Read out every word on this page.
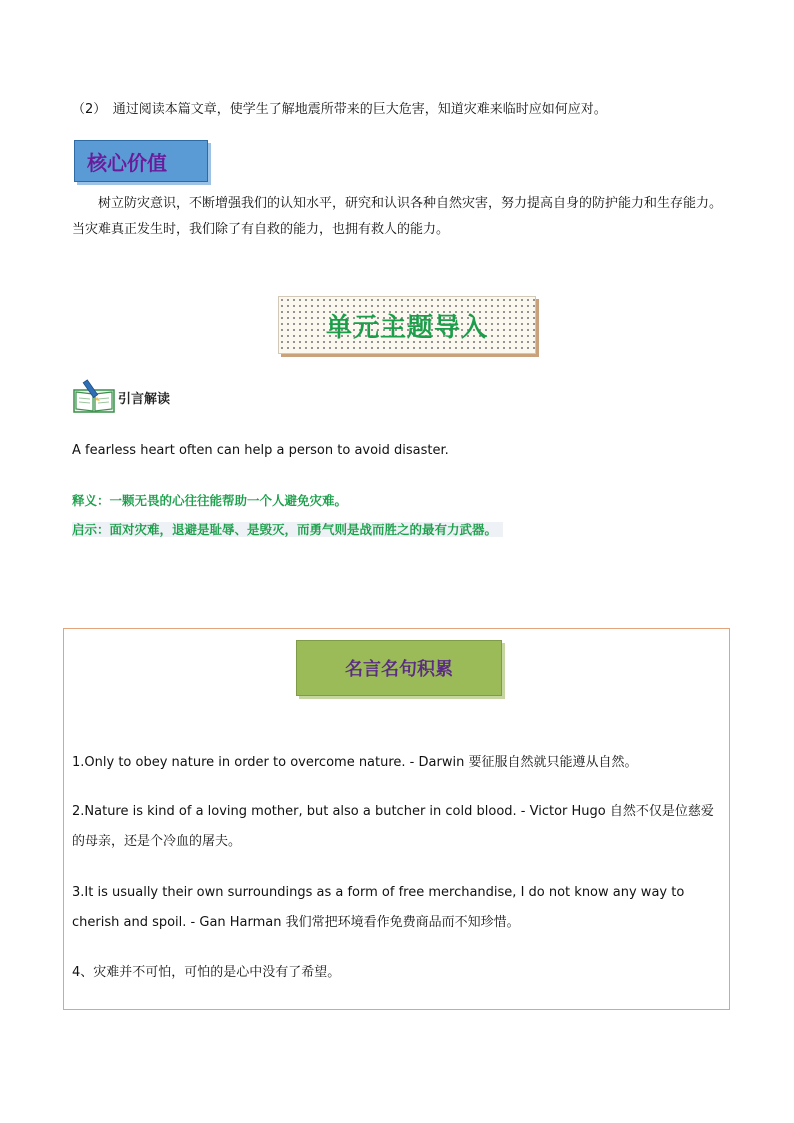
（2）　通过阅读本篇文章，使学生了解地震所带来的巨大危害，知道灾难来临时应如何应对。
核心价值
树立防灾意识，不断增强我们的认知水平，研究和认识各种自然灾害，努力提高自身的防护能力和生存能力。当灾难真正发生时，我们除了有自救的能力，也拥有救人的能力。
单元主题导入
引言解读
A fearless heart often can help a person to avoid disaster.
释义：一颗无畏的心往往能帮助一个人避免灾难。
启示：面对灾难，退避是耻辱、是毁灭，而勇气则是战而胜之的最有力武器。
名言名句积累
1.Only to obey nature in order to overcome nature. - Darwin 要征服自然就只能遵从自然。
2.Nature is kind of a loving mother, but also a butcher in cold blood. - Victor Hugo 自然不仅是位慈爱的母亲，还是个冷血的屠夫。
3.It is usually their own surroundings as a form of free merchandise, I do not know any way to cherish and spoil. - Gan Harman 我们常把环境看作免费商品而不知珍惜。
4、灾难并不可怕，可怕的是心中没有了希望。
